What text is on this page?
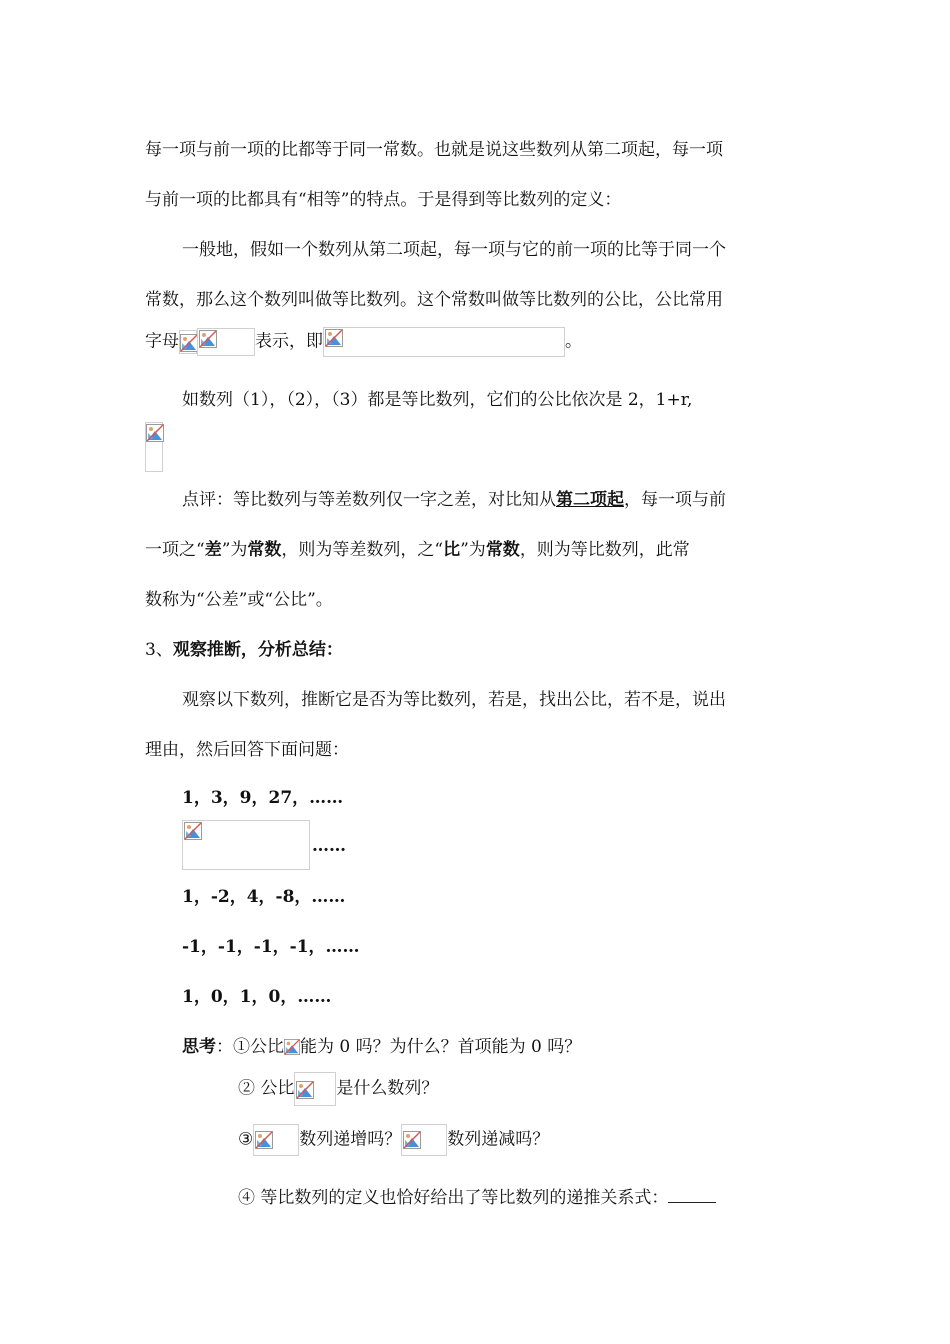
每一项与前一项的比都等于同一常数。也就是说这些数列从第二项起，每一项
与前一项的比都具有“相等”的特点。于是得到等比数列的定义：
一般地，假如一个数列从第二项起，每一项与它的前一项的比等于同一个
常数，那么这个数列叫做等比数列。这个常数叫做等比数列的公比，公比常用
字母	表示，即	。
如数列（1），（2），（3）都是等比数列，它们的公比依次是 2，1+r,
点评：等比数列与等差数列仅一字之差，对比知从第二项起，每一项与前
一项之“差”为常数，则为等差数列，之“比”为常数，则为等比数列，此常
数称为“公差”或“公比”。
3、观察推断，分析总结：
观察以下数列，推断它是否为等比数列，若是，找出公比，若不是，说出
理由，然后回答下面问题：
1，3，9，27，……
……
1，-2，4，-8，……
-1，-1，-1，-1，……
1，0，1，0，……
思考：①公比 能为 0 吗？为什么？首项能为 0 吗？
② 公比 是什么数列？
③	数列递增吗？	数列递减吗？
④ 等比数列的定义也恰好给出了等比数列的递推关系式：
